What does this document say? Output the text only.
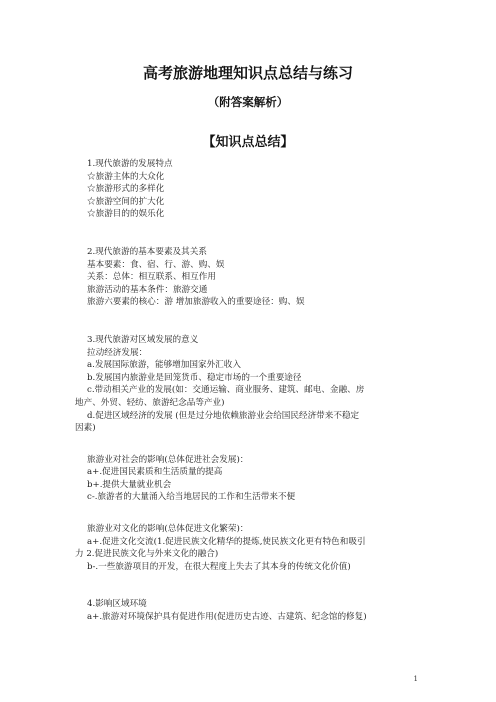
高考旅游地理知识点总结与练习
（附答案解析）
【知识点总结】
1.现代旅游的发展特点
☆旅游主体的大众化
☆旅游形式的多样化
☆旅游空间的扩大化
☆旅游目的的娱乐化
2.现代旅游的基本要素及其关系
基本要素：食、宿、行、游、购、娱
关系：总体：相互联系、相互作用
旅游活动的基本条件：旅游交通
旅游六要素的核心：游 增加旅游收入的重要途径：购、娱
3.现代旅游对区域发展的意义
拉动经济发展：
a.发展国际旅游，能够增加国家外汇收入
b.发展国内旅游业是回笼货币、稳定市场的一个重要途径
c.带动相关产业的发展(如：交通运输、商业服务、建筑、邮电、金融、房
地产、外贸、轻纺、旅游纪念品等产业)
d.促进区域经济的发展 (但是过分地依赖旅游业会给国民经济带来不稳定
因素)
旅游业对社会的影响(总体促进社会发展)：
a+.促进国民素质和生活质量的提高
b+.提供大量就业机会
c-.旅游者的大量涌入给当地居民的工作和生活带来不便
旅游业对文化的影响(总体促进文化繁荣)：
a+.促进文化交流(1.促进民族文化精华的提炼,使民族文化更有特色和吸引
力 2.促进民族文化与外来文化的融合)
b-.一些旅游项目的开发，在很大程度上失去了其本身的传统文化价值)
4.影响区域环境
a+.旅游对环境保护具有促进作用(促进历史古迹、古建筑、纪念馆的修复)
1
